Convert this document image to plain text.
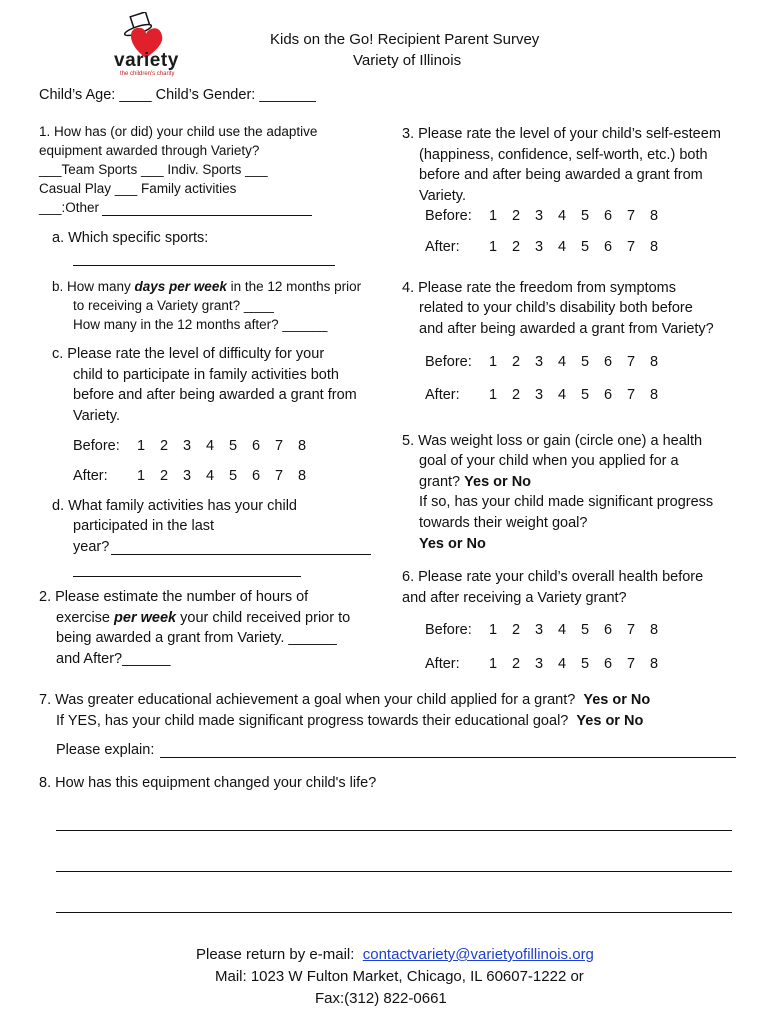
variety
the children's charity
Kids on the Go! Recipient Parent Survey
Variety of Illinois
Child’s Age: ____ Child’s Gender: _______
1. How has (or did) your child use the adaptive
equipment awarded through Variety?
___Team Sports ___ Indiv. Sports ___
Casual Play ___ Family activities
___:Other
a. Which specific sports:
b. How many days per week in the 12 months prior
to receiving a Variety grant? ____
How many in the 12 months after? ______
c. Please rate the level of difficulty for your
child to participate in family activities both
before and after being awarded a grant from
Variety.
Before: 1 2 3 4 5 6 7 8
After: 1 2 3 4 5 6 7 8
d. What family activities has your child
participated in the last
year?
2. Please estimate the number of hours of
exercise per week your child received prior to
being awarded a grant from Variety. ______
and After?______
3. Please rate the level of your child’s self-esteem
(happiness, confidence, self-worth, etc.) both
before and after being awarded a grant from
Variety.
Before: 1 2 3 4 5 6 7 8
After: 1 2 3 4 5 6 7 8
4. Please rate the freedom from symptoms
related to your child’s disability both before
and after being awarded a grant from Variety?
Before: 1 2 3 4 5 6 7 8
After: 1 2 3 4 5 6 7 8
5. Was weight loss or gain (circle one) a health
goal of your child when you applied for a
grant? Yes or No
If so, has your child made significant progress
towards their weight goal?
Yes or No
6. Please rate your child’s overall health before
and after receiving a Variety grant?
Before: 1 2 3 4 5 6 7 8
After: 1 2 3 4 5 6 7 8
7. Was greater educational achievement a goal when your child applied for a grant? Yes or No
If YES, has your child made significant progress towards their educational goal? Yes or No
Please explain:
8. How has this equipment changed your child's life?
Please return by e-mail: contactvariety@varietyofillinois.org
Mail: 1023 W Fulton Market, Chicago, IL 60607-1222 or
Fax:(312) 822-0661
